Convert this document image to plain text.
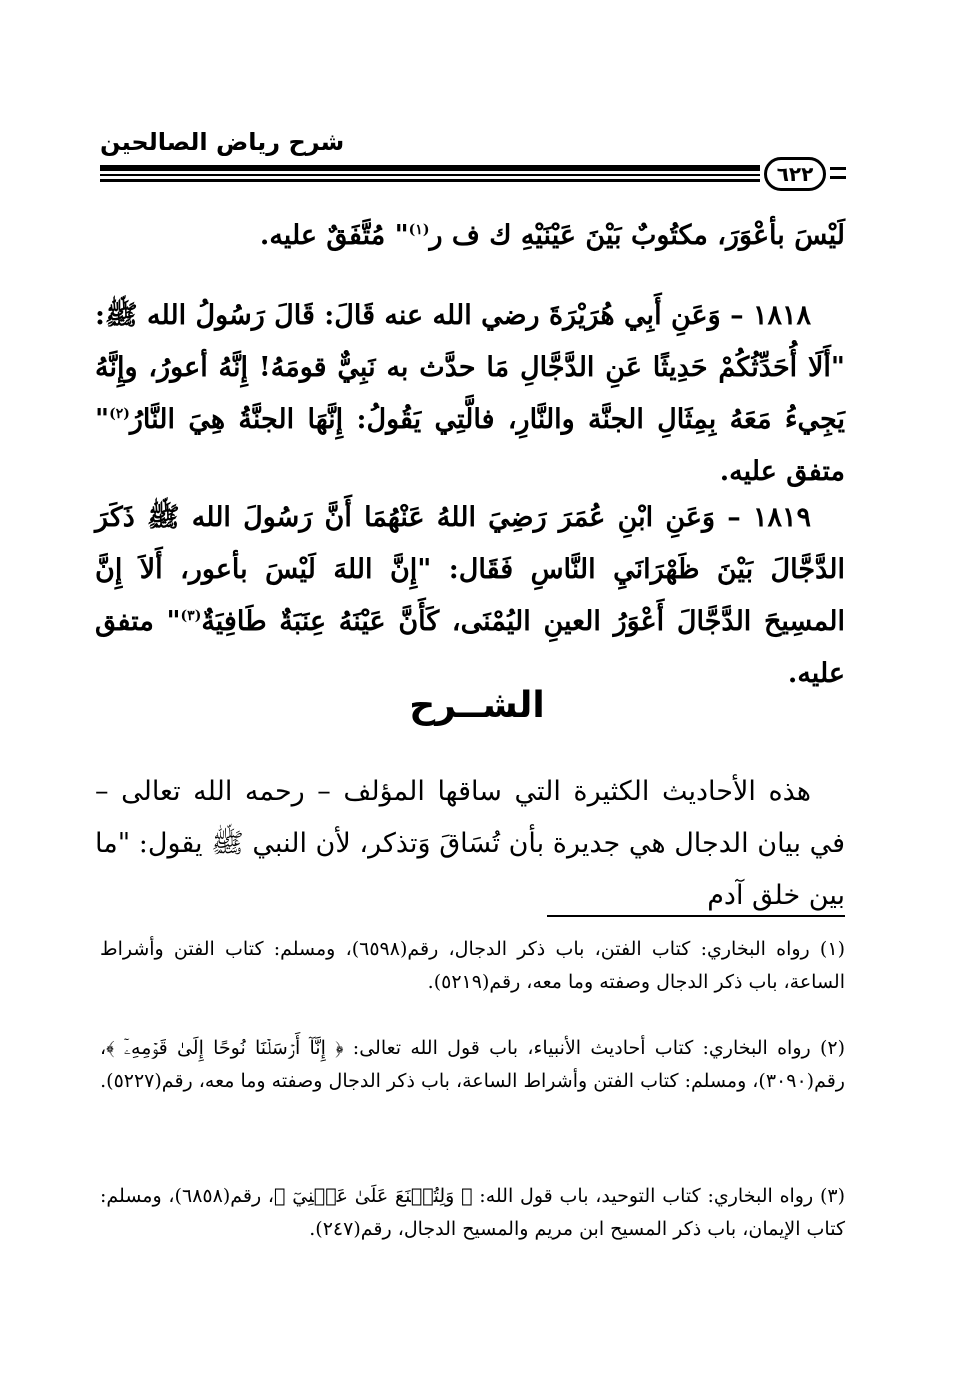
شرح رياض الصالحين
٦٢٢
لَيْسَ بأعْوَرَ، مكتُوبٌ بَيْنَ عَيْنَيْهِ ك ف ر$^{(١)}$" مُتَّفَقٌ عليه.
١٨١٨ – وَعَنِ أَبِي هُرَيْرَةَ رضي الله عنه قَالَ: قَالَ رَسُولُ الله ﷺ: "أَلَا أُحَدِّثُكُمْ حَدِيثًا عَنِ الدَّجَّالِ مَا حدَّث به نَبِيٌّ قومَهُ! إِنَّهُ أعورُ، وإِنَّهُ يَجِيءُ مَعَهُ بِمِثَالِ الجنَّة والنَّارِ، فالَّتِي يَقُولُ: إِنَّهَا الجنَّةُ هِيَ النَّارُ$^{(٢)}$" متفق عليه.
١٨١٩ – وَعَنِ ابْنِ عُمَرَ رَضِيَ اللهُ عَنْهُمَا أَنَّ رَسُولَ الله ﷺ ذَكَرَ الدَّجَّالَ بَيْنَ ظَهْرَانَيِ النَّاسِ فَقَال: "إِنَّ اللهَ لَيْسَ بأعور، أَلاَ إِنَّ المسِيحَ الدَّجَّالَ أَعْوَرُ العينِ اليُمْنَى، كَأَنَّ عَيْنَهُ عِنَبَةٌ طَافِيَةٌ$^{(٣)}$" متفق عليه.
الشــرح
هذه الأحاديث الكثيرة التي ساقها المؤلف – رحمه الله تعالى – في بيان الدجال هي جديرة بأن تُسَاقَ وَتذكر، لأن النبي ﷺ يقول: "ما بين خلق آدم
(١) رواه البخاري: كتاب الفتن، باب ذكر الدجال، رقم(٦٥٩٨)، ومسلم: كتاب الفتن وأشراط الساعة، باب ذكر الدجال وصفته وما معه، رقم(٥٢١٩).
(٢) رواه البخاري: كتاب أحاديث الأنبياء، باب قول الله تعالى: ﴿ إِنَّآ أَرۡسَلۡنَا نُوحًا إِلَىٰ قَوۡمِهِۦٓ ﴾، رقم(٣٠٩٠)، ومسلم: كتاب الفتن وأشراط الساعة، باب ذكر الدجال وصفته وما معه، رقم(٥٢٢٧).
(٣) رواه البخاري: كتاب التوحيد، باب قول الله: ﴿ وَلِتُصۡنَعَ عَلَىٰ عَيۡنِيٓ ﴾، رقم(٦٨٥٨)، ومسلم: كتاب الإيمان، باب ذكر المسيح ابن مريم والمسيح الدجال، رقم(٢٤٧).
